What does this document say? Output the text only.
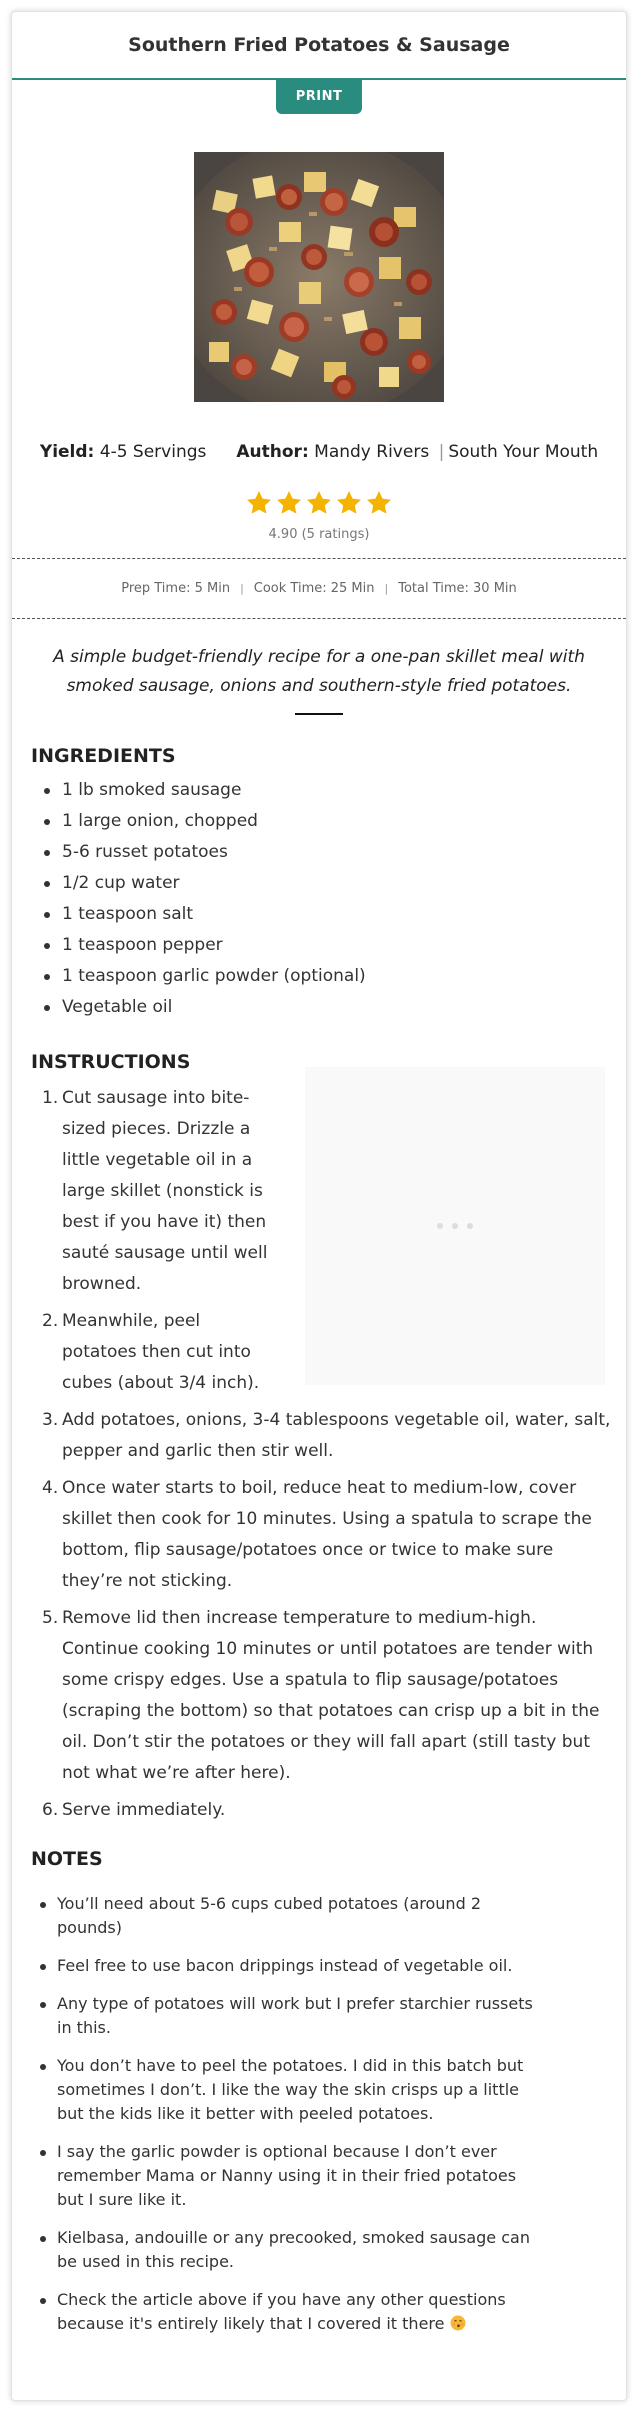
Southern Fried Potatoes & Sausage
PRINT
Yield: 4-5 Servings Author: Mandy Rivers | South Your Mouth
4.90 (5 ratings)
Prep Time: 5 Min | Cook Time: 25 Min | Total Time: 30 Min
A simple budget-friendly recipe for a one-pan skillet meal with smoked sausage, onions and southern-style fried potatoes.
INGREDIENTS
1 lb smoked sausage
1 large onion, chopped
5-6 russet potatoes
1/2 cup water
1 teaspoon salt
1 teaspoon pepper
1 teaspoon garlic powder (optional)
Vegetable oil
INSTRUCTIONS
1. Cut sausage into bite-sized pieces. Drizzle a little vegetable oil in a large skillet (nonstick is best if you have it) then sauté sausage until well browned.
2. Meanwhile, peel potatoes then cut into cubes (about 3/4 inch).
3. Add potatoes, onions, 3-4 tablespoons vegetable oil, water, salt, pepper and garlic then stir well.
4. Once water starts to boil, reduce heat to medium-low, cover skillet then cook for 10 minutes. Using a spatula to scrape the bottom, flip sausage/potatoes once or twice to make sure they’re not sticking.
5. Remove lid then increase temperature to medium-high. Continue cooking 10 minutes or until potatoes are tender with some crispy edges. Use a spatula to flip sausage/potatoes (scraping the bottom) so that potatoes can crisp up a bit in the oil. Don’t stir the potatoes or they will fall apart (still tasty but not what we’re after here).
6. Serve immediately.
NOTES
You’ll need about 5-6 cups cubed potatoes (around 2 pounds)
Feel free to use bacon drippings instead of vegetable oil.
Any type of potatoes will work but I prefer starchier russets in this.
You don’t have to peel the potatoes. I did in this batch but sometimes I don’t. I like the way the skin crisps up a little but the kids like it better with peeled potatoes.
I say the garlic powder is optional because I don’t ever remember Mama or Nanny using it in their fried potatoes but I sure like it.
Kielbasa, andouille or any precooked, smoked sausage can be used in this recipe.
Check the article above if you have any other questions because it's entirely likely that I covered it there
